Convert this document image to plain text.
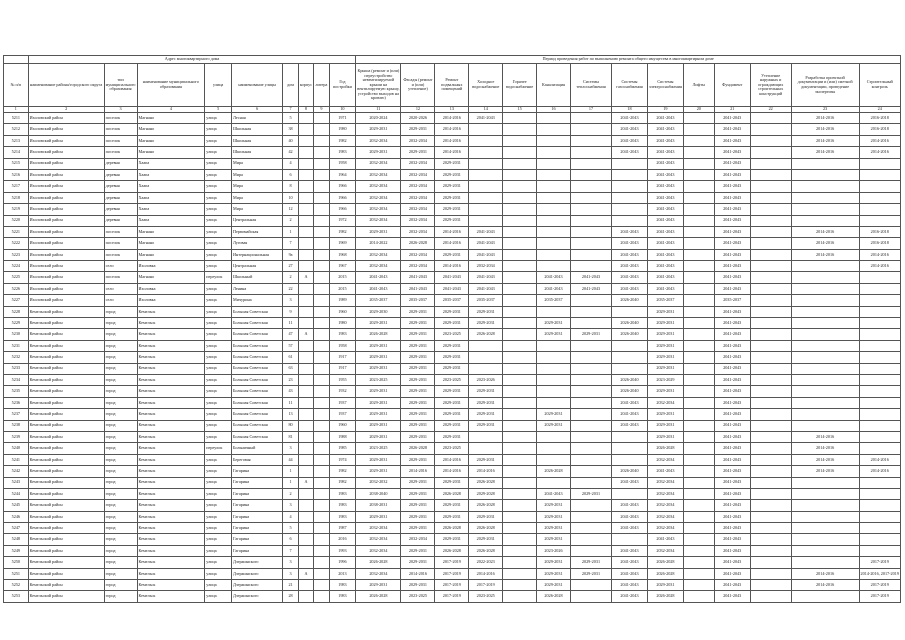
	Адрес многоквартирного дома									Период проведения работ по выполнению ремонта общего имущества в многоквартирном доме													
№ п/п	наименование района/городского округа	тип муниципального образования	наименование муниципального образования	улица	наименование улицы	дом	корпус	литера	Год постройки	Крыша (ремонт и (или) переустройство невентилируемой крыши на вентилируемую крышу, устройство выходов на кровлю)	Фасады (ремонт и (или) утепление)	Ремонт подвальных помещений	Холодное водоснабжение	Горячее водоснабжение	Канализация	Системы теплоснабжения	Системы газоснабжения	Системы электроснабжения	Лифты	Фундамент	Утепление наружных и ограждающих строительных конструкций	Разработка проектной документации и (или) сметной документации, проведение экспертизы	Строительный контроль
1	2	3	4	5	6	7	8	9	10	11	12	13	14	15	16	17	18	19	20	21	22	23	24
5211	Ихоловский район	поселок	Магнано	улица	Лесная	5			1971	2020-2024	2020-2026	2014-2016	2041-2043				2041-2043	2041-2043		2041-2043		2014-2016	2016-2018
5212	Ихоловский район	поселок	Магнано	улица	Школьная	38			1980	2029-2031	2029-2031	2014-2016					2041-2043	2041-2043		2041-2043		2014-2016	2016-2018
5213	Ихоловский район	поселок	Магнано	улица	Школьная	40			1982	2032-2034	2032-2034	2014-2016					2041-2043	2041-2043		2041-2043		2014-2016	2014-2016
5214	Ихоловский район	поселок	Магнано	улица	Школьная	42			1983	2029-2031	2029-2031	2014-2016					2041-2043	2041-2043		2041-2043		2014-2016	2014-2016
5215	Ихоловский район	деревня	Хаапа	улица	Мира	4			1958	2032-2034	2032-2034	2029-2031						2041-2043		2041-2043			
5216	Ихоловский район	деревня	Хаапа	улица	Мира	6			1964	2032-2034	2032-2034	2029-2031						2041-2043		2041-2043			
5217	Ихоловский район	деревня	Хаапа	улица	Мира	8			1966	2032-2034	2032-2034	2029-2031						2041-2043		2041-2043			
5218	Ихоловский район	деревня	Хаапа	улица	Мира	10			1966	2032-2034	2032-2034	2029-2031						2041-2043		2041-2043			
5219	Ихоловский район	деревня	Хаапа	улица	Мира	12			1966	2032-2034	2032-2034	2029-2031						2041-2043		2041-2043			
5220	Ихоловский район	деревня	Хаапа	улица	Центральная	2			1972	2032-2034	2032-2034	2029-2031						2041-2043		2041-2043			
5221	Ихоловский район	поселок	Магнано	улица	Первомайская	1			1982	2029-2031	2032-2034	2014-2016	2041-2043				2041-2043	2041-2043		2041-2043		2014-2016	2016-2018
5222	Ихоловский район	поселок	Магнано	улица	Луговая	7			1969	2014-2022	2026-2028	2014-2016	2041-2043				2041-2043	2041-2043		2041-2043		2014-2016	2016-2018
5223	Ихоловский район	поселок	Магнано	улица	Интернациональная	9а			1968	2032-2034	2032-2034	2029-2031	2041-2043				2041-2043	2041-2043		2041-2043		2014-2016	2014-2016
5224	Ихоловский район	село	Ихоловка	улица	Центральная	27			1967	2032-2034	2032-2034	2014-2016	2032-2034				2041-2043	2041-2043		2041-2043			2014-2016
5225	Ихоловский район	поселок	Магнано	переулок	Школьный	2	А		2015	2041-2043	2041-2043	2041-2043	2041-2043		2041-2043	2041-2043	2041-2043	2041-2043		2041-2043			
5226	Ихоловский район	село	Ихоловка	улица	Ленина	22			2015	2041-2043	2041-2043	2041-2043	2041-2043		2041-2043	2041-2043	2041-2043	2041-2043		2041-2043			
5227	Ихоловский район	село	Ихоловка	улица	Мичурина	3			1989	2035-2037	2035-2037	2035-2037	2035-2037		2035-2037		2026-2040	2035-2037		2035-2037			
5228	Кемельский район	город	Кемельск	улица	Большая Советская	9			1960	2029-2030	2029-2031	2029-2031	2029-2031					2029-2031		2041-2043			
5229	Кемельский район	город	Кемельск	улица	Большая Советская	11			1980	2029-2031	2029-2031	2029-2031	2029-2031		2029-2031		2026-2040	2029-2031		2041-2043			
5230	Кемельский район	город	Кемельск	улица	Большая Советская	47	А		1983	2026-2028	2029-2031	2023-2025	2026-2028		2029-2031	2029-2031	2026-2040	2029-2031		2041-2043			
5231	Кемельский район	город	Кемельск	улица	Большая Советская	57			1958	2029-2031	2029-2031	2029-2031						2029-2031		2041-2043			
5232	Кемельский район	город	Кемельск	улица	Большая Советская	61			1917	2029-2031	2029-2031	2029-2031						2029-2031		2041-2043			
5233	Кемельский район	город	Кемельск	улица	Большая Советская	63			1917	2029-2031	2029-2031	2029-2031						2029-2031		2041-2043			
5234	Кемельский район	город	Кемельск	улица	Большая Советская	23			1955	2023-2025	2029-2031	2023-2025	2023-2026				2026-2040	2023-2029		2041-2043			
5235	Кемельский район	город	Кемельск	улица	Большая Советская	43			1932	2029-2031	2029-2031	2029-2031	2029-2031				2026-2040	2029-2031		2041-2043			
5236	Кемельский район	город	Кемельск	улица	Большая Советская	11			1937	2029-2031	2029-2031	2029-2031	2029-2031				2041-2043	2032-2034		2041-2043			
5237	Кемельский район	город	Кемельск	улица	Большая Советская	13			1937	2029-2031	2029-2031	2029-2031	2029-2031		2029-2031		2041-2043	2029-2031		2041-2043			
5238	Кемельский район	город	Кемельск	улица	Большая Советская	80			1960	2029-2031	2029-2031	2029-2031	2029-2031		2029-2031		2041-2043	2029-2031		2041-2043			
5239	Кемельский район	город	Кемельск	улица	Большая Советская	81			1988	2029-2031	2029-2031	2029-2031						2029-2031		2041-2043		2014-2016	
5240	Кемельский район	город	Кемельск	переулок	Больничный	3			1985	2023-2025	2026-2028	2023-2025						2026-2028		2041-2043		2014-2016	
5241	Кемельский район	город	Кемельск	улица	Береговая	44			1974	2029-2031	2029-2031	2014-2016	2029-2031					2032-2034		2041-2043		2014-2016	2014-2016
5242	Кемельский район	город	Кемельск	улица	Гагарина	1			1982	2029-2031	2014-2016	2014-2016	2014-2016		2026-2028		2026-2040	2041-2043		2041-2043		2014-2016	2014-2016
5243	Кемельский район	город	Кемельск	улица	Гагарина	1	А		1982	2032-2032	2029-2031	2029-2031	2026-2028				2041-2043	2032-2034		2041-2043			
5244	Кемельский район	город	Кемельск	улица	Гагарина	2			1983	2038-2040	2029-2031	2026-2028	2029-2028		2041-2043	2029-2031		2032-2034		2041-2043			
5245	Кемельский район	город	Кемельск	улица	Гагарина	3			1983	2038-2031	2029-2031	2029-2031	2026-2028		2029-2031		2041-2043	2032-2034		2041-2043			
5246	Кемельский район	город	Кемельск	улица	Гагарина	4			1983	2029-2031	2029-2031	2029-2031	2029-2031		2029-2031		2041-2043	2032-2034		2041-2043			
5247	Кемельский район	город	Кемельск	улица	Гагарина	5			1987	2032-2034	2029-2031	2026-2028	2026-2028		2029-2031		2041-2043	2032-2034		2041-2043			
5248	Кемельский район	город	Кемельск	улица	Гагарина	6			2016	2032-2034	2032-2034	2029-2031	2029-2031		2029-2031			2041-2043		2041-2043			
5249	Кемельский район	город	Кемельск	улица	Гагарина	7			1993	2032-2034	2029-2031	2026-2028	2026-2028		2023-2026		2041-2043	2032-2034		2041-2043			
5250	Кемельский район	город	Кемельск	улица	Дзержинского	3			1996	2026-2028	2029-2031	2017-2019	2022-2023		2029-2031	2029-2031	2041-2043	2026-2028		2041-2043			2017-2019
5251	Кемельский район	город	Кемельск	улица	Дзержинского	3	А		2013	2032-2034	2014-2016	2017-2019	2014-2016		2029-2031	2029-2031	2041-2043	2026-2028		2041-2043		2014-2016	2014-2016, 2017-2019
5252	Кемельский район	город	Кемельск	улица	Дзержинского	21			1983	2029-2031	2029-2031	2017-2019	2017-2019		2029-2031		2041-2043	2029-2031		2041-2043		2014-2016	2017-2019
5253	Кемельский район	город	Кемельск	улица	Дзержинского	28			1983	2026-2028	2023-2025	2017-2019	2023-2025		2026-2028		2041-2043	2026-2028		2041-2043			2017-2019
